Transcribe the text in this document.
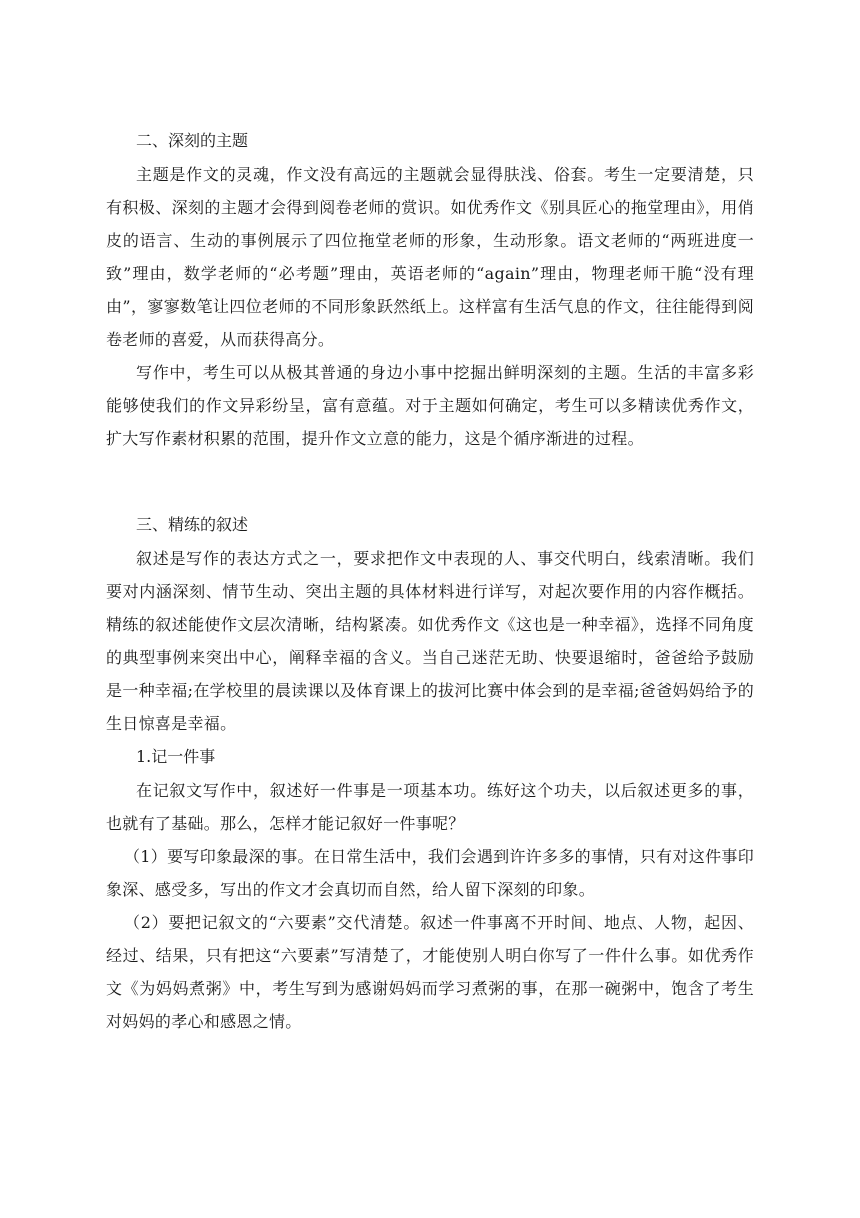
二、深刻的主题

主题是作文的灵魂，作文没有高远的主题就会显得肤浅、俗套。考生一定要清楚，只有积极、深刻的主题才会得到阅卷老师的赏识。如优秀作文《别具匠心的拖堂理由》，用俏皮的语言、生动的事例展示了四位拖堂老师的形象，生动形象。语文老师的“两班进度一致”理由，数学老师的“必考题”理由，英语老师的“again”理由，物理老师干脆“没有理由”，寥寥数笔让四位老师的不同形象跃然纸上。这样富有生活气息的作文，往往能得到阅卷老师的喜爱，从而获得高分。

写作中，考生可以从极其普通的身边小事中挖掘出鲜明深刻的主题。生活的丰富多彩能够使我们的作文异彩纷呈，富有意蕴。对于主题如何确定，考生可以多精读优秀作文，扩大写作素材积累的范围，提升作文立意的能力，这是个循序渐进的过程。

三、精练的叙述

叙述是写作的表达方式之一，要求把作文中表现的人、事交代明白，线索清晰。我们要对内涵深刻、情节生动、突出主题的具体材料进行详写，对起次要作用的内容作概括。精练的叙述能使作文层次清晰，结构紧凑。如优秀作文《这也是一种幸福》，选择不同角度的典型事例来突出中心，阐释幸福的含义。当自己迷茫无助、快要退缩时，爸爸给予鼓励是一种幸福;在学校里的晨读课以及体育课上的拔河比赛中体会到的是幸福;爸爸妈妈给予的生日惊喜是幸福。

1.记一件事

在记叙文写作中，叙述好一件事是一项基本功。练好这个功夫，以后叙述更多的事，也就有了基础。那么，怎样才能记叙好一件事呢？

（1）要写印象最深的事。在日常生活中，我们会遇到许许多多的事情，只有对这件事印象深、感受多，写出的作文才会真切而自然，给人留下深刻的印象。

（2）要把记叙文的“六要素”交代清楚。叙述一件事离不开时间、地点、人物，起因、经过、结果，只有把这“六要素”写清楚了，才能使别人明白你写了一件什么事。如优秀作文《为妈妈煮粥》中，考生写到为感谢妈妈而学习煮粥的事，在那一碗粥中，饱含了考生对妈妈的孝心和感恩之情。
